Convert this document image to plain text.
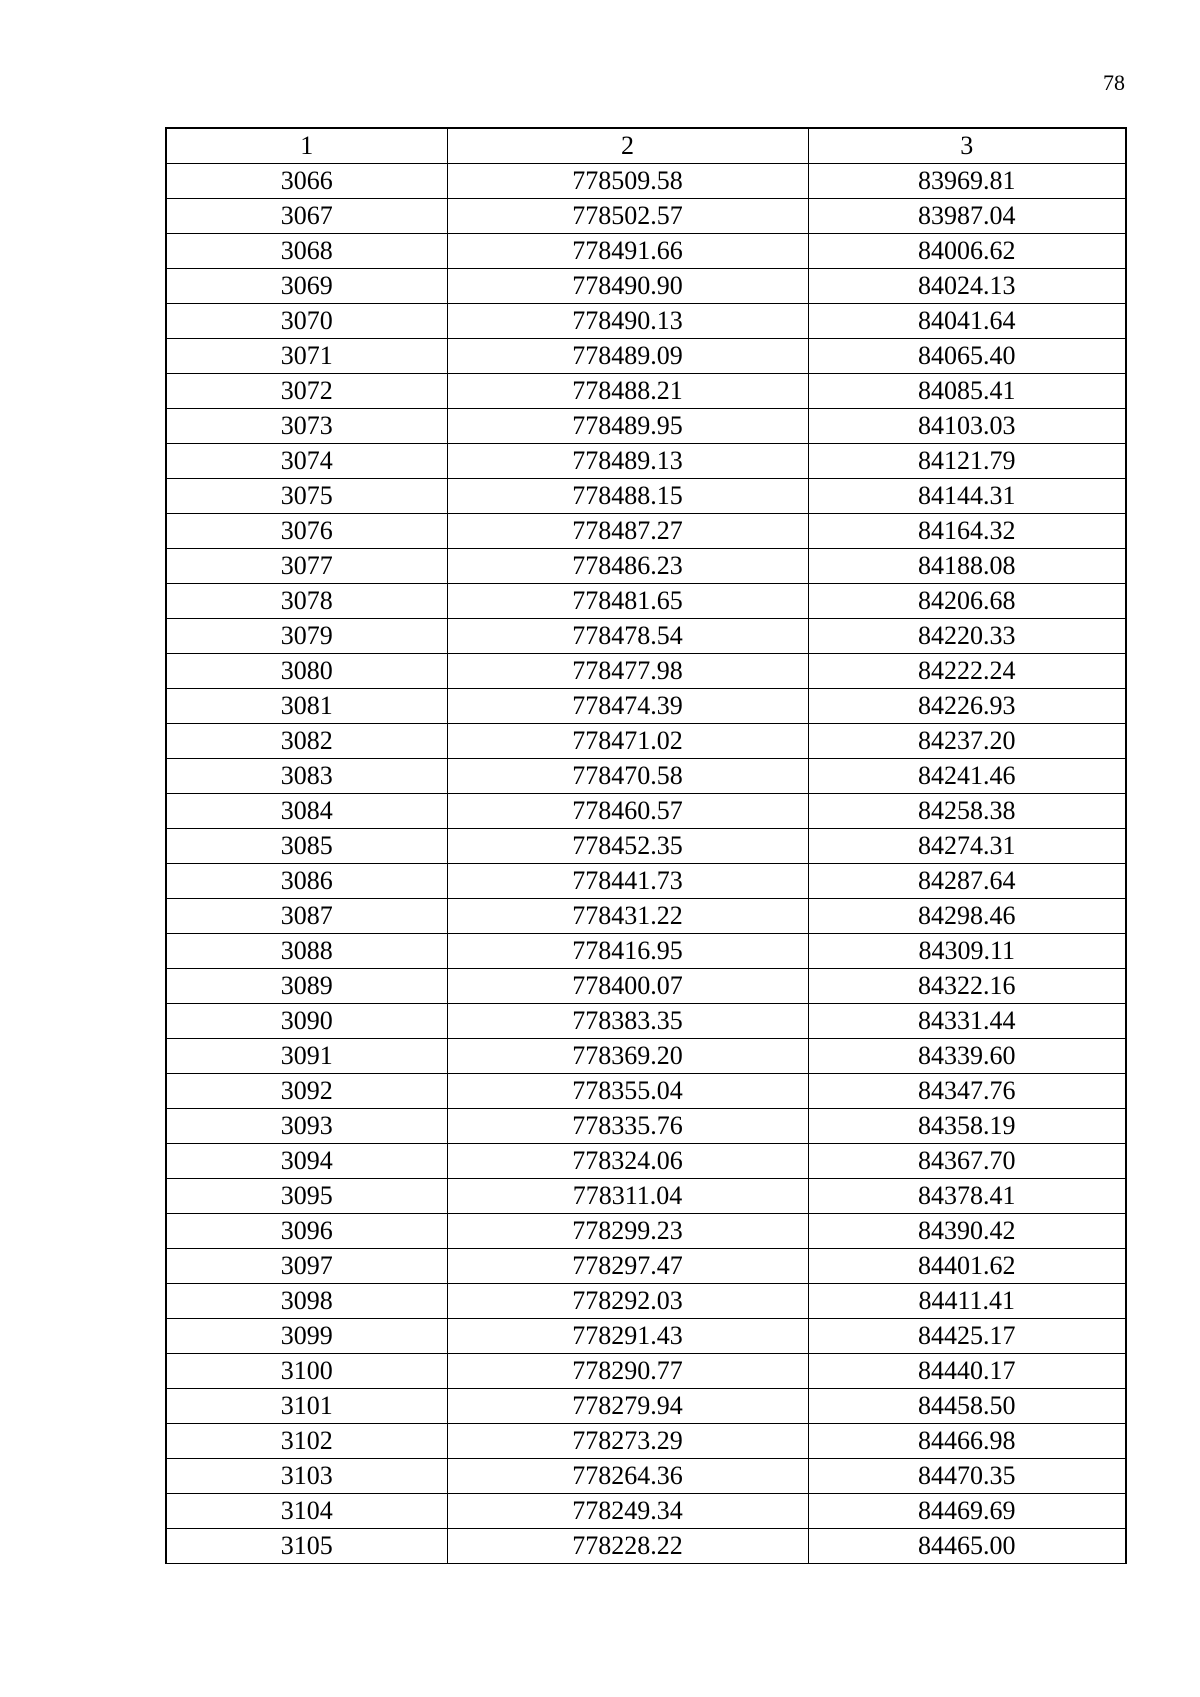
78
1	2	3
3066	778509.58	83969.81
3067	778502.57	83987.04
3068	778491.66	84006.62
3069	778490.90	84024.13
3070	778490.13	84041.64
3071	778489.09	84065.40
3072	778488.21	84085.41
3073	778489.95	84103.03
3074	778489.13	84121.79
3075	778488.15	84144.31
3076	778487.27	84164.32
3077	778486.23	84188.08
3078	778481.65	84206.68
3079	778478.54	84220.33
3080	778477.98	84222.24
3081	778474.39	84226.93
3082	778471.02	84237.20
3083	778470.58	84241.46
3084	778460.57	84258.38
3085	778452.35	84274.31
3086	778441.73	84287.64
3087	778431.22	84298.46
3088	778416.95	84309.11
3089	778400.07	84322.16
3090	778383.35	84331.44
3091	778369.20	84339.60
3092	778355.04	84347.76
3093	778335.76	84358.19
3094	778324.06	84367.70
3095	778311.04	84378.41
3096	778299.23	84390.42
3097	778297.47	84401.62
3098	778292.03	84411.41
3099	778291.43	84425.17
3100	778290.77	84440.17
3101	778279.94	84458.50
3102	778273.29	84466.98
3103	778264.36	84470.35
3104	778249.34	84469.69
3105	778228.22	84465.00
